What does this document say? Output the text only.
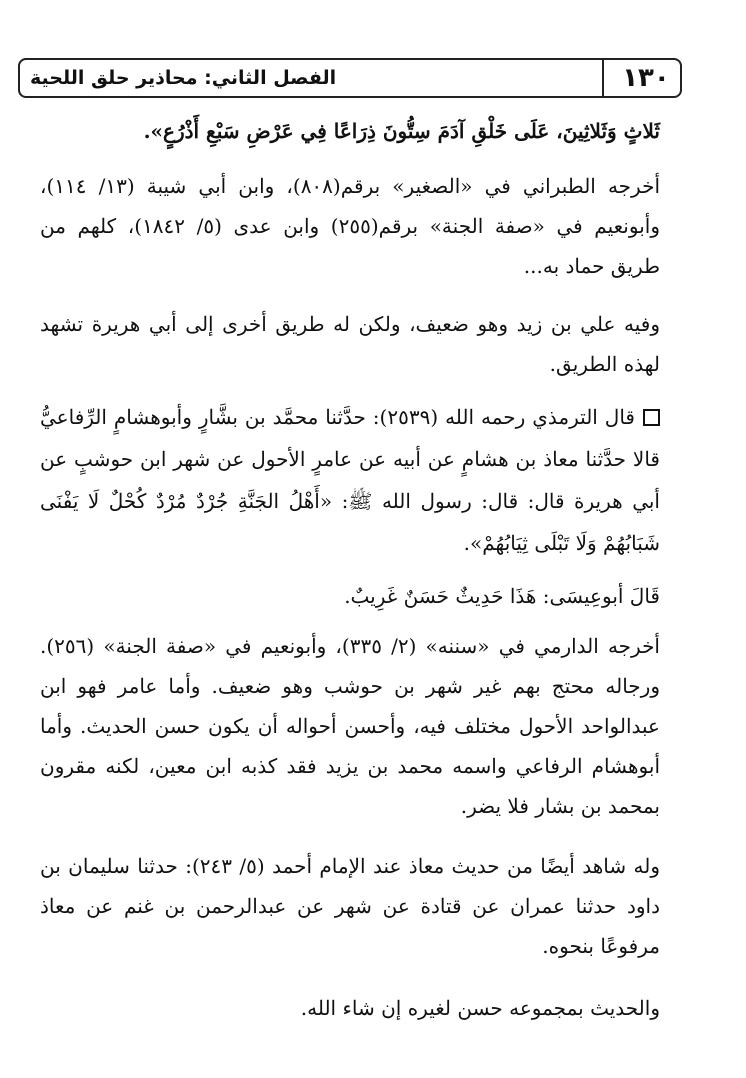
الفصل الثاني: محاذير حلق اللحية	١٣٠

ثَلاثٍ وَثَلاثِينَ، عَلَى خَلْقِ آدَمَ سِتُّونَ ذِرَاعًا فِي عَرْضِ سَبْعِ أَذْرُعٍ».

أخرجه الطبراني في «الصغير» برقم(٨٠٨)، وابن أبي شيبة (١٣/ ١١٤)، وأبونعيم في «صفة الجنة» برقم(٢٥٥) وابن عدى (٥/ ١٨٤٢)، كلهم من طريق حماد به...

وفيه علي بن زيد وهو ضعيف، ولكن له طريق أخرى إلى أبي هريرة تشهد لهذه الطريق.

قال الترمذي رحمه الله (٢٥٣٩): حدَّثنا محمَّد بن بشَّارٍ وأبوهشامٍ الرِّفاعيُّ قالا حدَّثنا معاذ بن هشامٍ عن أبيه عن عامرٍ الأحول عن شهر ابن حوشبٍ عن أبي هريرة قال: قال: رسول الله ﷺ: «أَهْلُ الجَنَّةِ جُرْدٌ مُرْدٌ كُحْلٌ لَا يَفْنَى شَبَابُهُمْ وَلَا تَبْلَى ثِيَابُهُمْ».

قَالَ أبوعِيسَى: هَذَا حَدِيثٌ حَسَنٌ غَرِيبٌ.

أخرجه الدارمي في «سننه» (٢/ ٣٣٥)، وأبونعيم في «صفة الجنة» (٢٥٦). ورجاله محتج بهم غير شهر بن حوشب وهو ضعيف. وأما عامر فهو ابن عبدالواحد الأحول مختلف فيه، وأحسن أحواله أن يكون حسن الحديث. وأما أبوهشام الرفاعي واسمه محمد بن يزيد فقد كذبه ابن معين، لكنه مقرون بمحمد بن بشار فلا يضر.

وله شاهد أيضًا من حديث معاذ عند الإمام أحمد (٥/ ٢٤٣): حدثنا سليمان بن داود حدثنا عمران عن قتادة عن شهر عن عبدالرحمن بن غنم عن معاذ مرفوعًا بنحوه.

والحديث بمجموعه حسن لغيره إن شاء الله.
